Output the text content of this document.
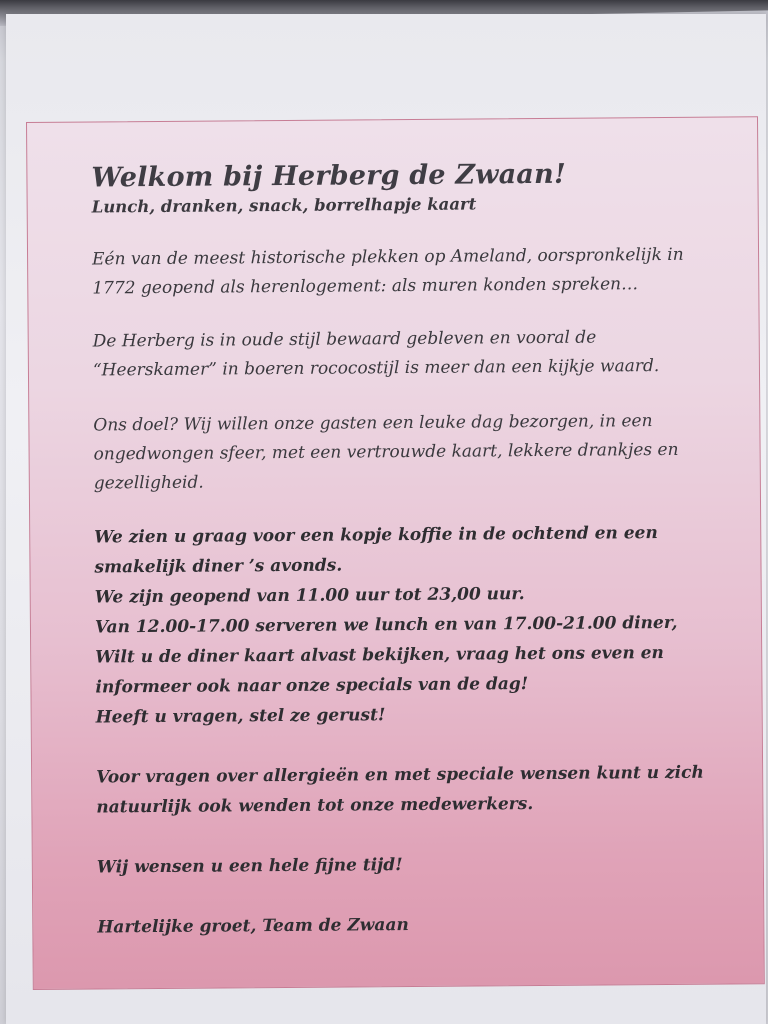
Welkom bij Herberg de Zwaan!

Lunch, dranken, snack, borrelhapje kaart

Eén van de meest historische plekken op Ameland, oorspronkelijk in
1772 geopend als herenlogement: als muren konden spreken…

De Herberg is in oude stijl bewaard gebleven en vooral de
“Heerskamer” in boeren rococostijl is meer dan een kijkje waard.

Ons doel? Wij willen onze gasten een leuke dag bezorgen, in een
ongedwongen sfeer, met een vertrouwde kaart, lekkere drankjes en
gezelligheid.

We zien u graag voor een kopje koffie in de ochtend en een
smakelijk diner ’s avonds.
We zijn geopend van 11.00 uur tot 23,00 uur.
Van 12.00-17.00 serveren we lunch en van 17.00-21.00 diner,
Wilt u de diner kaart alvast bekijken, vraag het ons even en
informeer ook naar onze specials van de dag!
Heeft u vragen, stel ze gerust!

Voor vragen over allergieën en met speciale wensen kunt u zich
natuurlijk ook wenden tot onze medewerkers.

Wij wensen u een hele fijne tijd!

Hartelijke groet, Team de Zwaan
